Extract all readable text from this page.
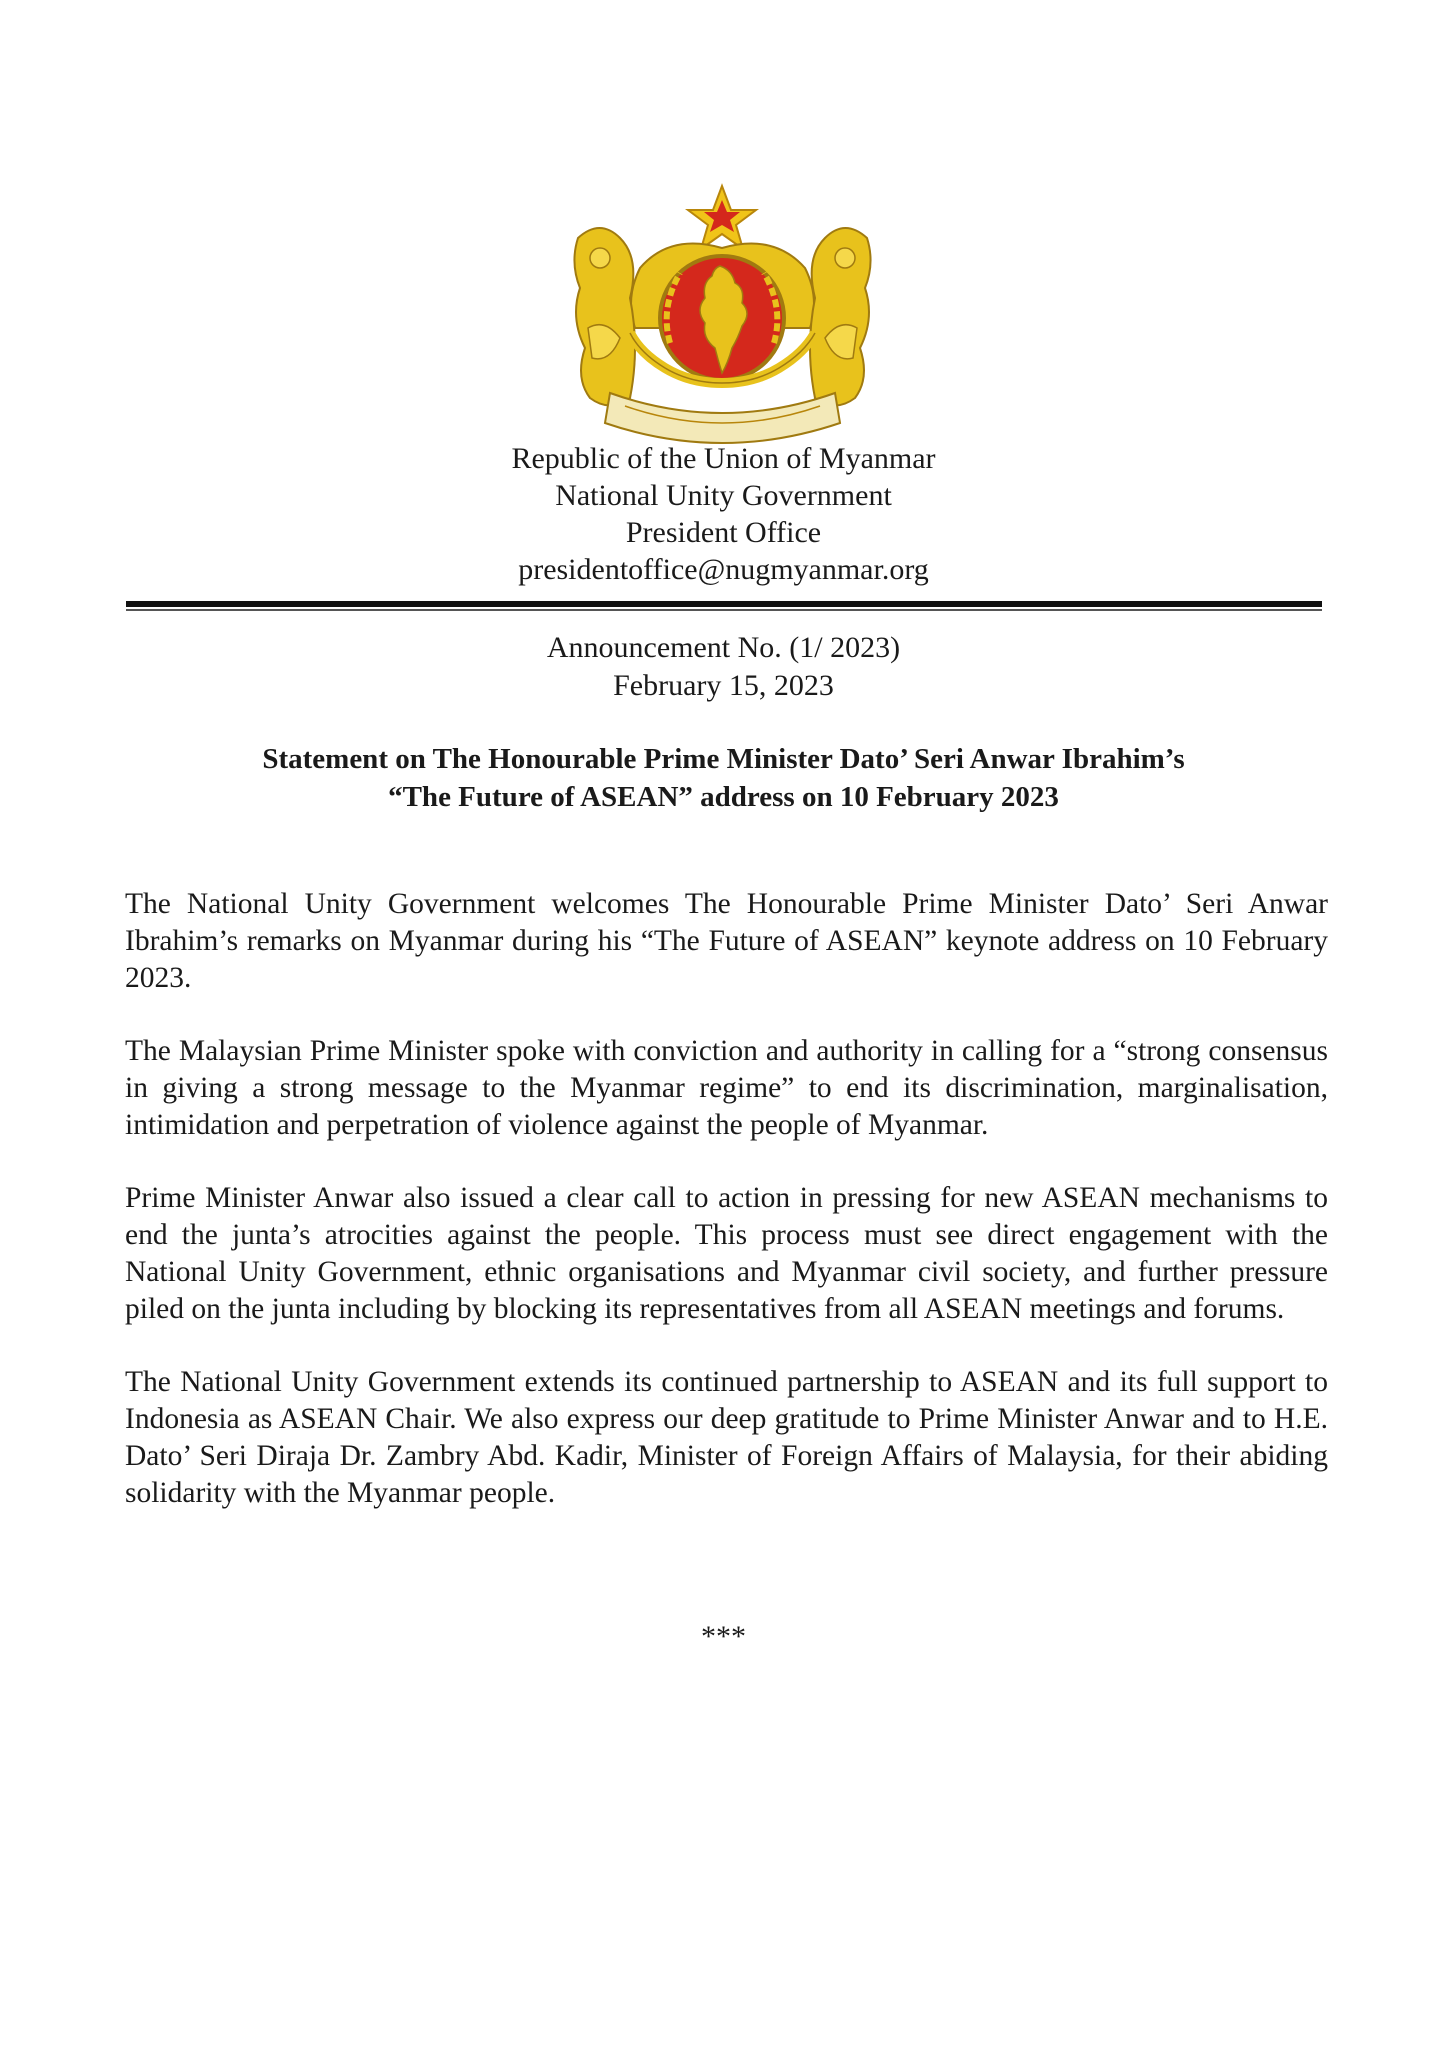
Republic of the Union of Myanmar
National Unity Government
President Office
presidentoffice@nugmyanmar.org
Announcement No. (1/ 2023)
February 15, 2023
Statement on The Honourable Prime Minister Dato’ Seri Anwar Ibrahim’s
“The Future of ASEAN” address on 10 February 2023

The National Unity Government welcomes The Honourable Prime Minister Dato’ Seri Anwar Ibrahim’s remarks on Myanmar during his “The Future of ASEAN” keynote address on 10 February 2023.

The Malaysian Prime Minister spoke with conviction and authority in calling for a “strong consensus in giving a strong message to the Myanmar regime” to end its discrimination, marginalisation, intimidation and perpetration of violence against the people of Myanmar.

Prime Minister Anwar also issued a clear call to action in pressing for new ASEAN mechanisms to end the junta’s atrocities against the people. This process must see direct engagement with the National Unity Government, ethnic organisations and Myanmar civil society, and further pressure piled on the junta including by blocking its representatives from all ASEAN meetings and forums.

The National Unity Government extends its continued partnership to ASEAN and its full support to Indonesia as ASEAN Chair. We also express our deep gratitude to Prime Minister Anwar and to H.E. Dato’ Seri Diraja Dr. Zambry Abd. Kadir, Minister of Foreign Affairs of Malaysia, for their abiding solidarity with the Myanmar people.

***
